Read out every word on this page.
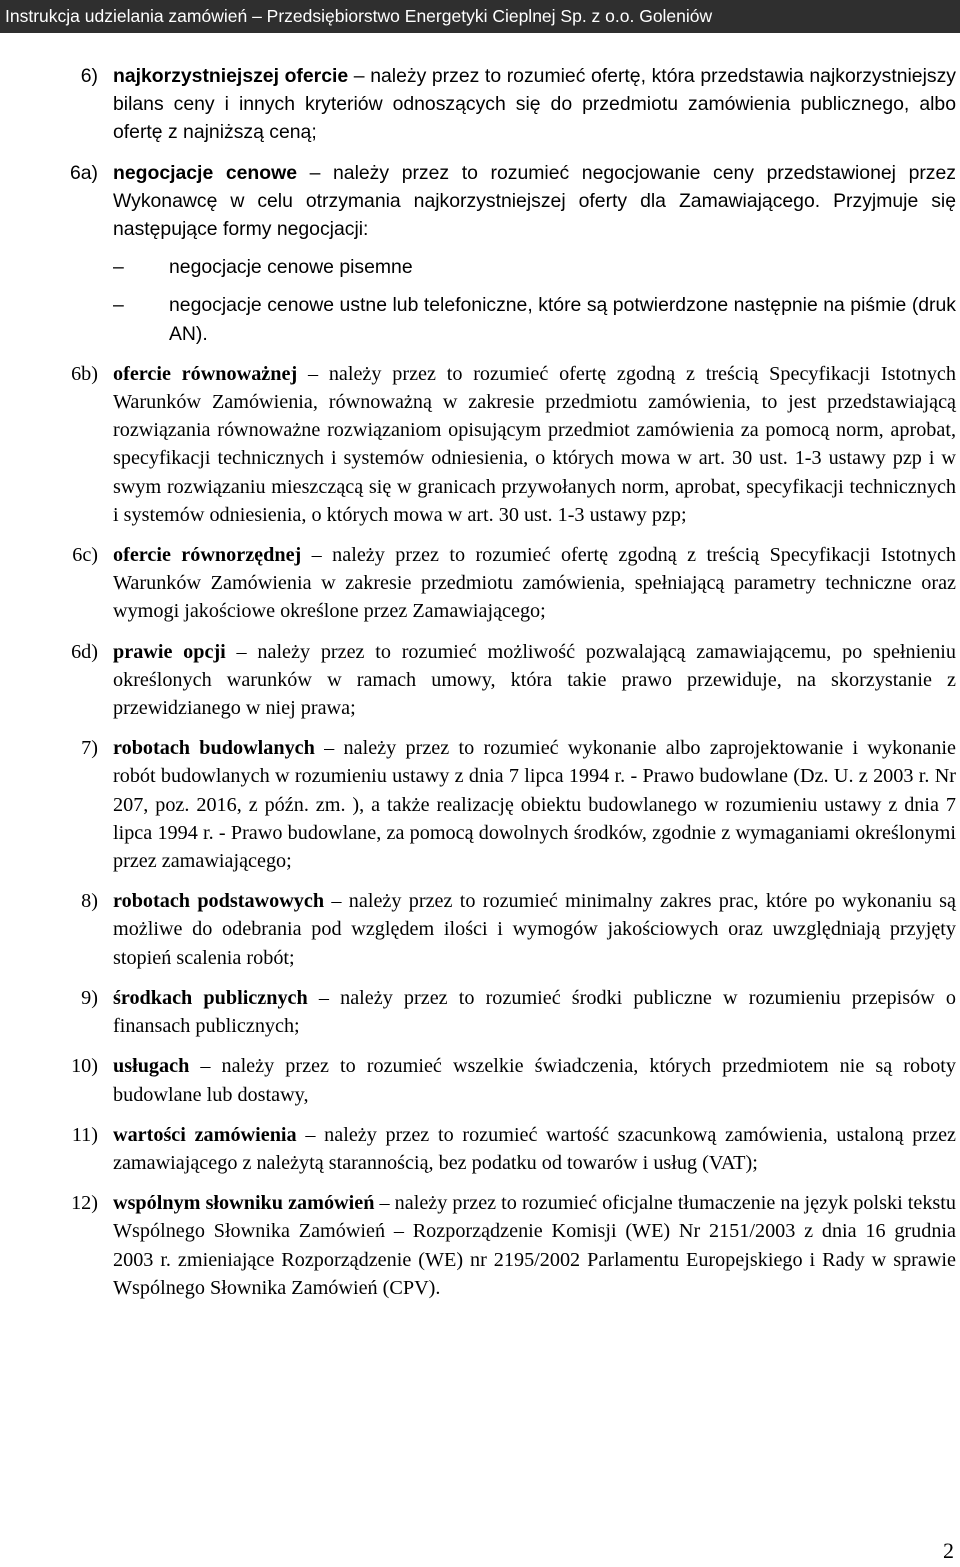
Instrukcja udzielania zamówień – Przedsiębiorstwo Energetyki Cieplnej Sp. z o.o. Goleniów
6) najkorzystniejszej ofercie – należy przez to rozumieć ofertę, która przedstawia najkorzystniejszy bilans ceny i innych kryteriów odnoszących się do przedmiotu zamówienia publicznego, albo ofertę z najniższą ceną;
6a) negocjacje cenowe – należy przez to rozumieć negocjowanie ceny przedstawionej przez Wykonawcę w celu otrzymania najkorzystniejszej oferty dla Zamawiającego. Przyjmuje się następujące formy negocjacji:
– negocjacje cenowe pisemne
– negocjacje cenowe ustne lub telefoniczne, które są potwierdzone następnie na piśmie (druk AN).
6b) ofercie równoważnej – należy przez to rozumieć ofertę zgodną z treścią Specyfikacji Istotnych Warunków Zamówienia, równoważną w zakresie przedmiotu zamówienia, to jest przedstawiającą rozwiązania równoważne rozwiązaniom opisującym przedmiot zamówienia za pomocą norm, aprobat, specyfikacji technicznych i systemów odniesienia, o których mowa w art. 30 ust. 1-3 ustawy pzp i w swym rozwiązaniu mieszczącą się w granicach przywołanych norm, aprobat, specyfikacji technicznych i systemów odniesienia, o których mowa w art. 30 ust. 1-3 ustawy pzp;
6c) ofercie równorzędnej – należy przez to rozumieć ofertę zgodną z treścią Specyfikacji Istotnych Warunków Zamówienia w zakresie przedmiotu zamówienia, spełniającą parametry techniczne oraz wymogi jakościowe określone przez Zamawiającego;
6d) prawie opcji – należy przez to rozumieć możliwość pozwalającą zamawiającemu, po spełnieniu określonych warunków w ramach umowy, która takie prawo przewiduje, na skorzystanie z przewidzianego w niej prawa;
7) robotach budowlanych – należy przez to rozumieć wykonanie albo zaprojektowanie i wykonanie robót budowlanych w rozumieniu ustawy z dnia 7 lipca 1994 r. - Prawo budowlane (Dz. U. z 2003 r. Nr 207, poz. 2016, z późn. zm. ), a także realizację obiektu budowlanego w rozumieniu ustawy z dnia 7 lipca 1994 r. - Prawo budowlane, za pomocą dowolnych środków, zgodnie z wymaganiami określonymi przez zamawiającego;
8) robotach podstawowych – należy przez to rozumieć minimalny zakres prac, które po wykonaniu są możliwe do odebrania pod względem ilości i wymogów jakościowych oraz uwzględniają przyjęty stopień scalenia robót;
9) środkach publicznych – należy przez to rozumieć środki publiczne w rozumieniu przepisów o finansach publicznych;
10) usługach – należy przez to rozumieć wszelkie świadczenia, których przedmiotem nie są roboty budowlane lub dostawy,
11) wartości zamówienia – należy przez to rozumieć wartość szacunkową zamówienia, ustaloną przez zamawiającego z należytą starannością, bez podatku od towarów i usług (VAT);
12) wspólnym słowniku zamówień – należy przez to rozumieć oficjalne tłumaczenie na język polski tekstu Wspólnego Słownika Zamówień – Rozporządzenie Komisji (WE) Nr 2151/2003 z dnia 16 grudnia 2003 r. zmieniające Rozporządzenie (WE) nr 2195/2002 Parlamentu Europejskiego i Rady w sprawie Wspólnego Słownika Zamówień (CPV).
2
